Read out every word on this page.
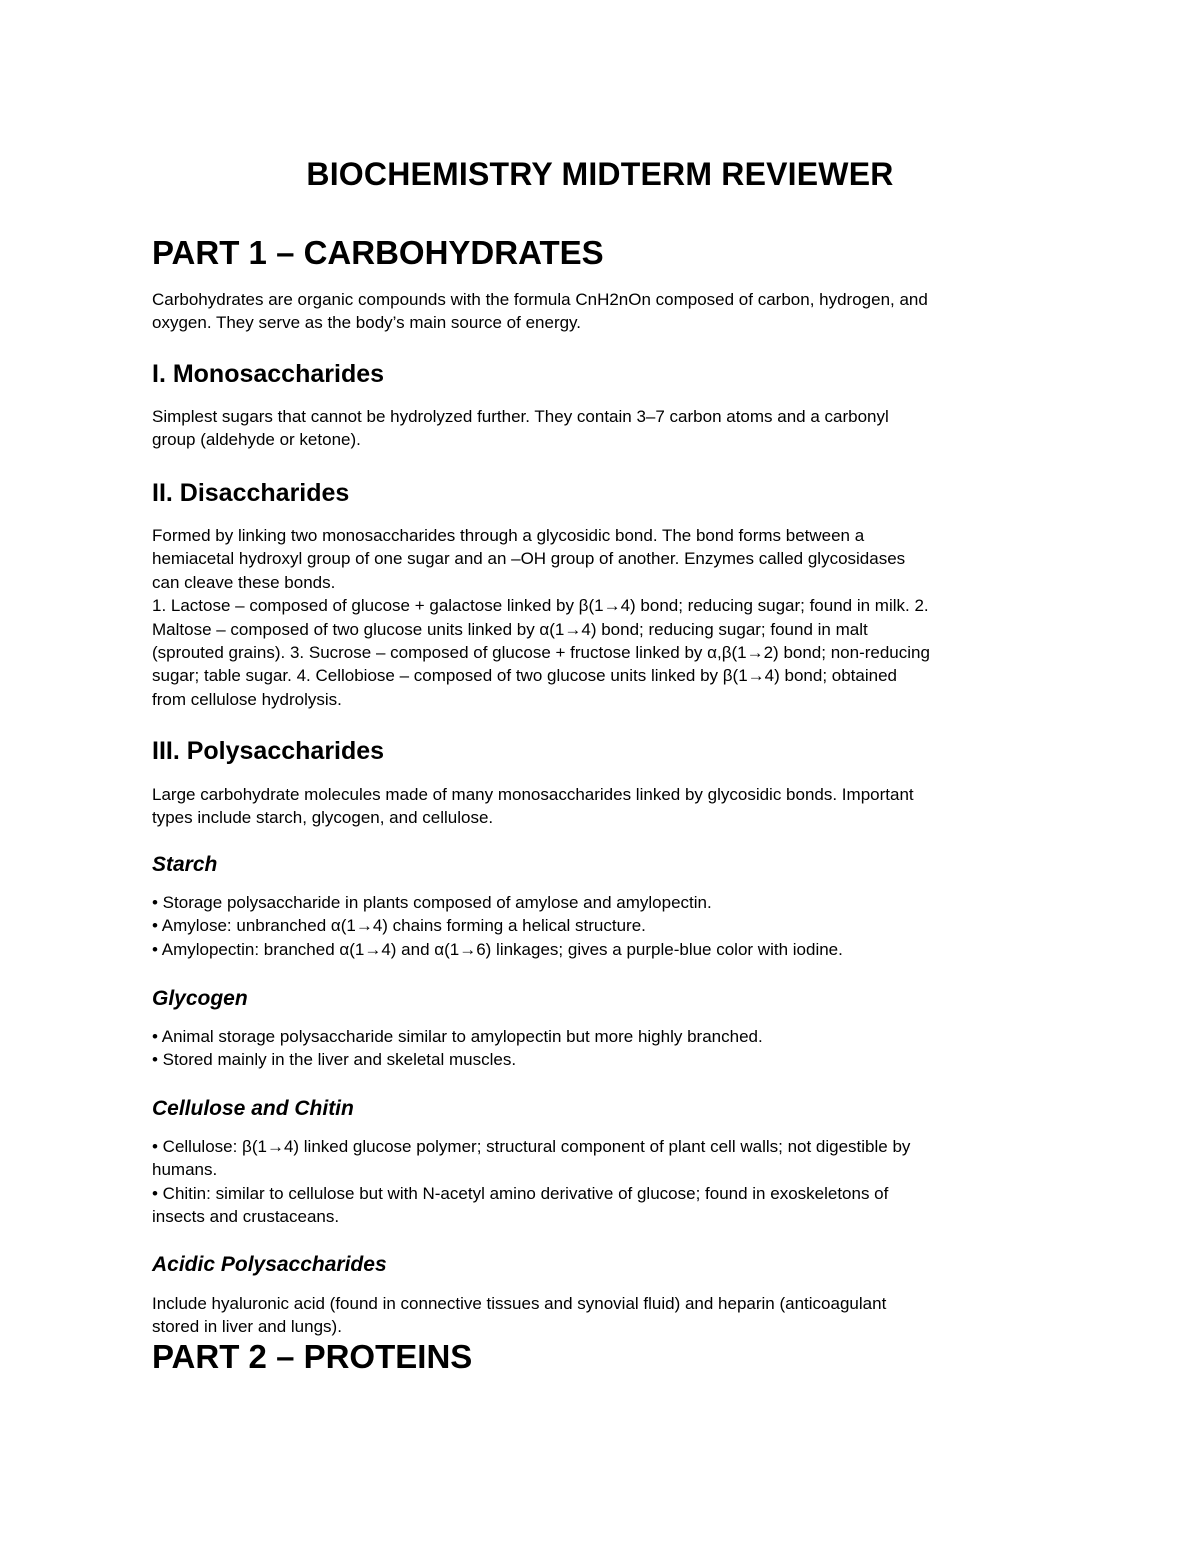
BIOCHEMISTRY MIDTERM REVIEWER
PART 1 – CARBOHYDRATES

Carbohydrates are organic compounds with the formula CnH2nOn composed of carbon, hydrogen, and
oxygen. They serve as the body’s main source of energy.

I. Monosaccharides

Simplest sugars that cannot be hydrolyzed further. They contain 3–7 carbon atoms and a carbonyl
group (aldehyde or ketone).

II. Disaccharides

Formed by linking two monosaccharides through a glycosidic bond. The bond forms between a
hemiacetal hydroxyl group of one sugar and an –OH group of another. Enzymes called glycosidases
can cleave these bonds.
1. Lactose – composed of glucose + galactose linked by β(1→4) bond; reducing sugar; found in milk. 2.
Maltose – composed of two glucose units linked by α(1→4) bond; reducing sugar; found in malt
(sprouted grains). 3. Sucrose – composed of glucose + fructose linked by α,β(1→2) bond; non-reducing
sugar; table sugar. 4. Cellobiose – composed of two glucose units linked by β(1→4) bond; obtained
from cellulose hydrolysis.

III. Polysaccharides

Large carbohydrate molecules made of many monosaccharides linked by glycosidic bonds. Important
types include starch, glycogen, and cellulose.

Starch

• Storage polysaccharide in plants composed of amylose and amylopectin.
• Amylose: unbranched α(1→4) chains forming a helical structure.
• Amylopectin: branched α(1→4) and α(1→6) linkages; gives a purple-blue color with iodine.

Glycogen

• Animal storage polysaccharide similar to amylopectin but more highly branched.
• Stored mainly in the liver and skeletal muscles.

Cellulose and Chitin

• Cellulose: β(1→4) linked glucose polymer; structural component of plant cell walls; not digestible by
humans.
• Chitin: similar to cellulose but with N-acetyl amino derivative of glucose; found in exoskeletons of
insects and crustaceans.

Acidic Polysaccharides

Include hyaluronic acid (found in connective tissues and synovial fluid) and heparin (anticoagulant
stored in liver and lungs).

PART 2 – PROTEINS
